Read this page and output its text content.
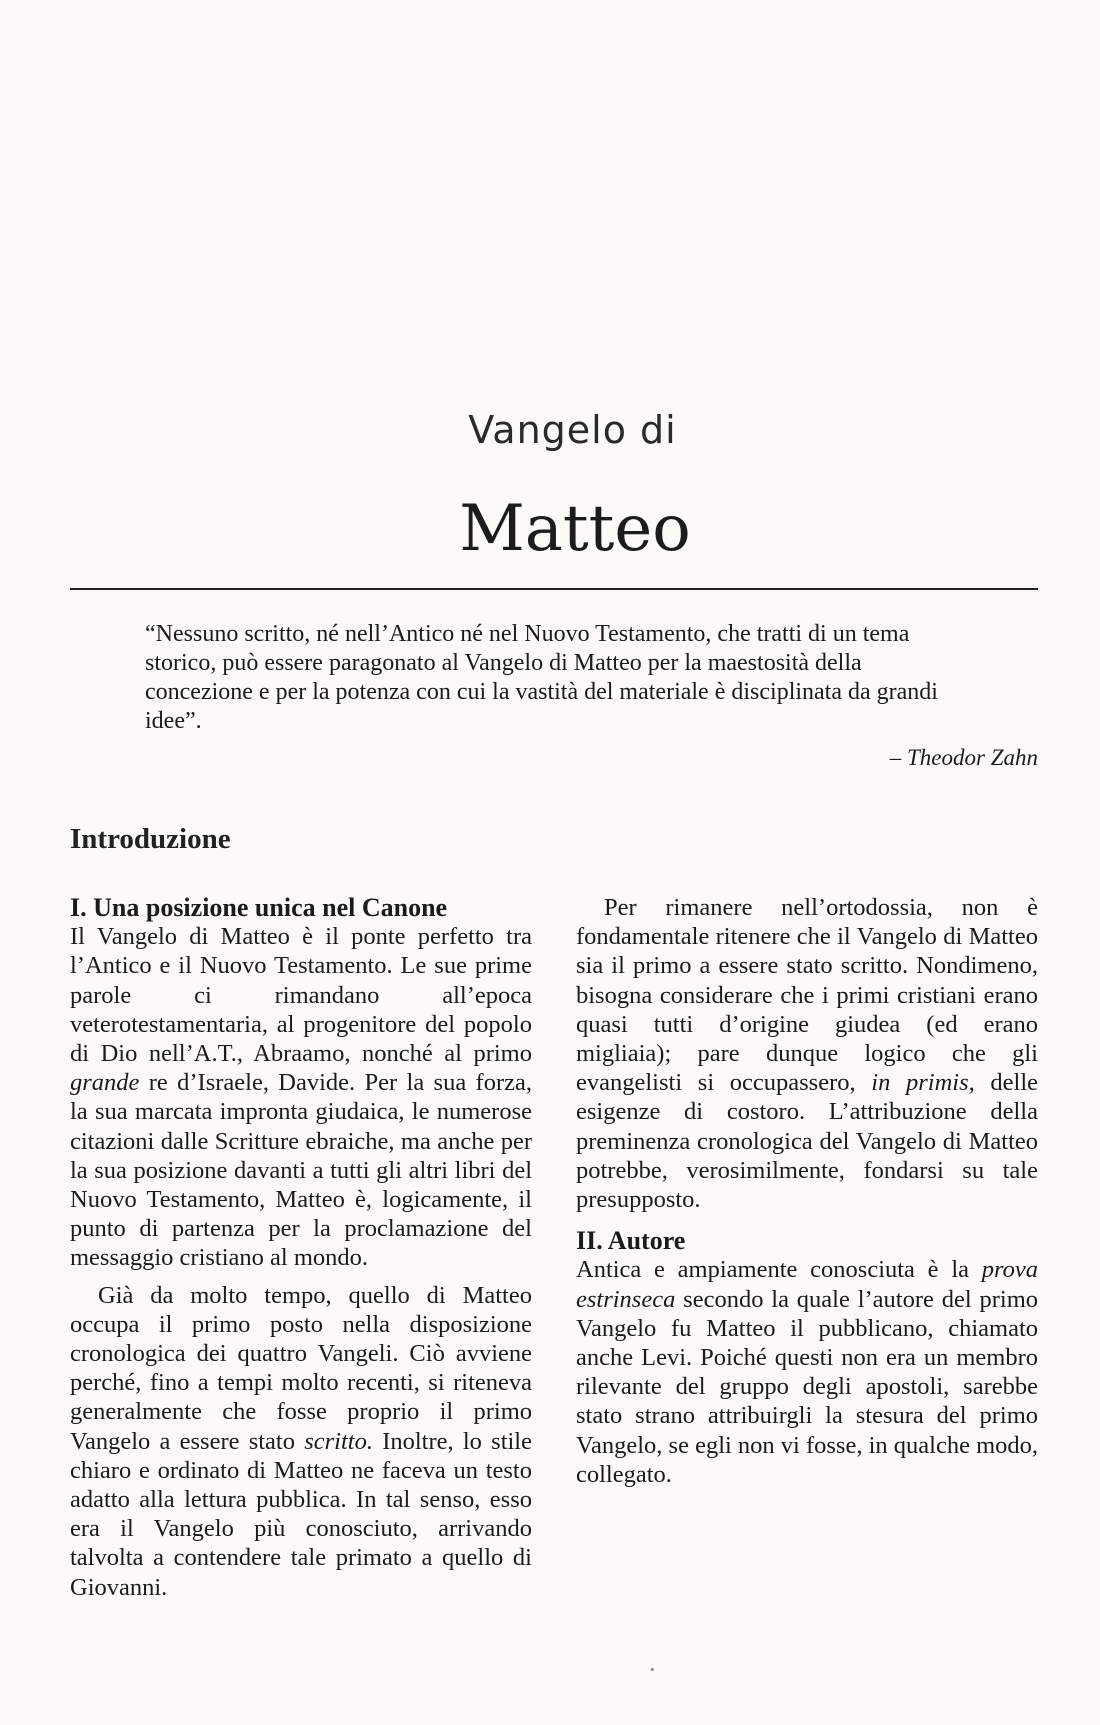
Vangelo di
Matteo
“Nessuno scritto, né nell’Antico né nel Nuovo Testamento, che tratti di un tema storico, può essere paragonato al Vangelo di Matteo per la maestosità della concezione e per la potenza con cui la vastità del materiale è disciplinata da grandi idee”.
– Theodor Zahn
Introduzione
I. Una posizione unica nel Canone

Il Vangelo di Matteo è il ponte perfetto tra l’Antico e il Nuovo Testamento. Le sue prime parole ci rimandano all’epoca veterotestamentaria, al progenitore del popolo di Dio nell’A.T., Abraamo, nonché al primo grande re d’Israele, Davide. Per la sua forza, la sua marcata impronta giudaica, le numerose citazioni dalle Scritture ebraiche, ma anche per la sua posizione davanti a tutti gli altri libri del Nuovo Testamento, Matteo è, logicamente, il punto di partenza per la proclamazione del messaggio cristiano al mondo.

Già da molto tempo, quello di Matteo occupa il primo posto nella disposizione cronologica dei quattro Vangeli. Ciò avviene perché, fino a tempi molto recenti, si riteneva generalmente che fosse proprio il primo Vangelo a essere stato scritto. Inoltre, lo stile chiaro e ordinato di Matteo ne faceva un testo adatto alla lettura pubblica. In tal senso, esso era il Vangelo più conosciuto, arrivando talvolta a contendere tale primato a quello di Giovanni.

Per rimanere nell’ortodossia, non è fondamentale ritenere che il Vangelo di Matteo sia il primo a essere stato scritto. Nondimeno, bisogna considerare che i primi cristiani erano quasi tutti d’origine giudea (ed erano migliaia); pare dunque logico che gli evangelisti si occupassero, in primis, delle esigenze di costoro. L’attribuzione della preminenza cronologica del Vangelo di Matteo potrebbe, verosimilmente, fondarsi su tale presupposto.

II. Autore

Antica e ampiamente conosciuta è la prova estrinseca secondo la quale l’autore del primo Vangelo fu Matteo il pubblicano, chiamato anche Levi. Poiché questi non era un membro rilevante del gruppo degli apostoli, sarebbe stato strano attribuirgli la stesura del primo Vangelo, se egli non vi fosse, in qualche modo, collegato.

•
